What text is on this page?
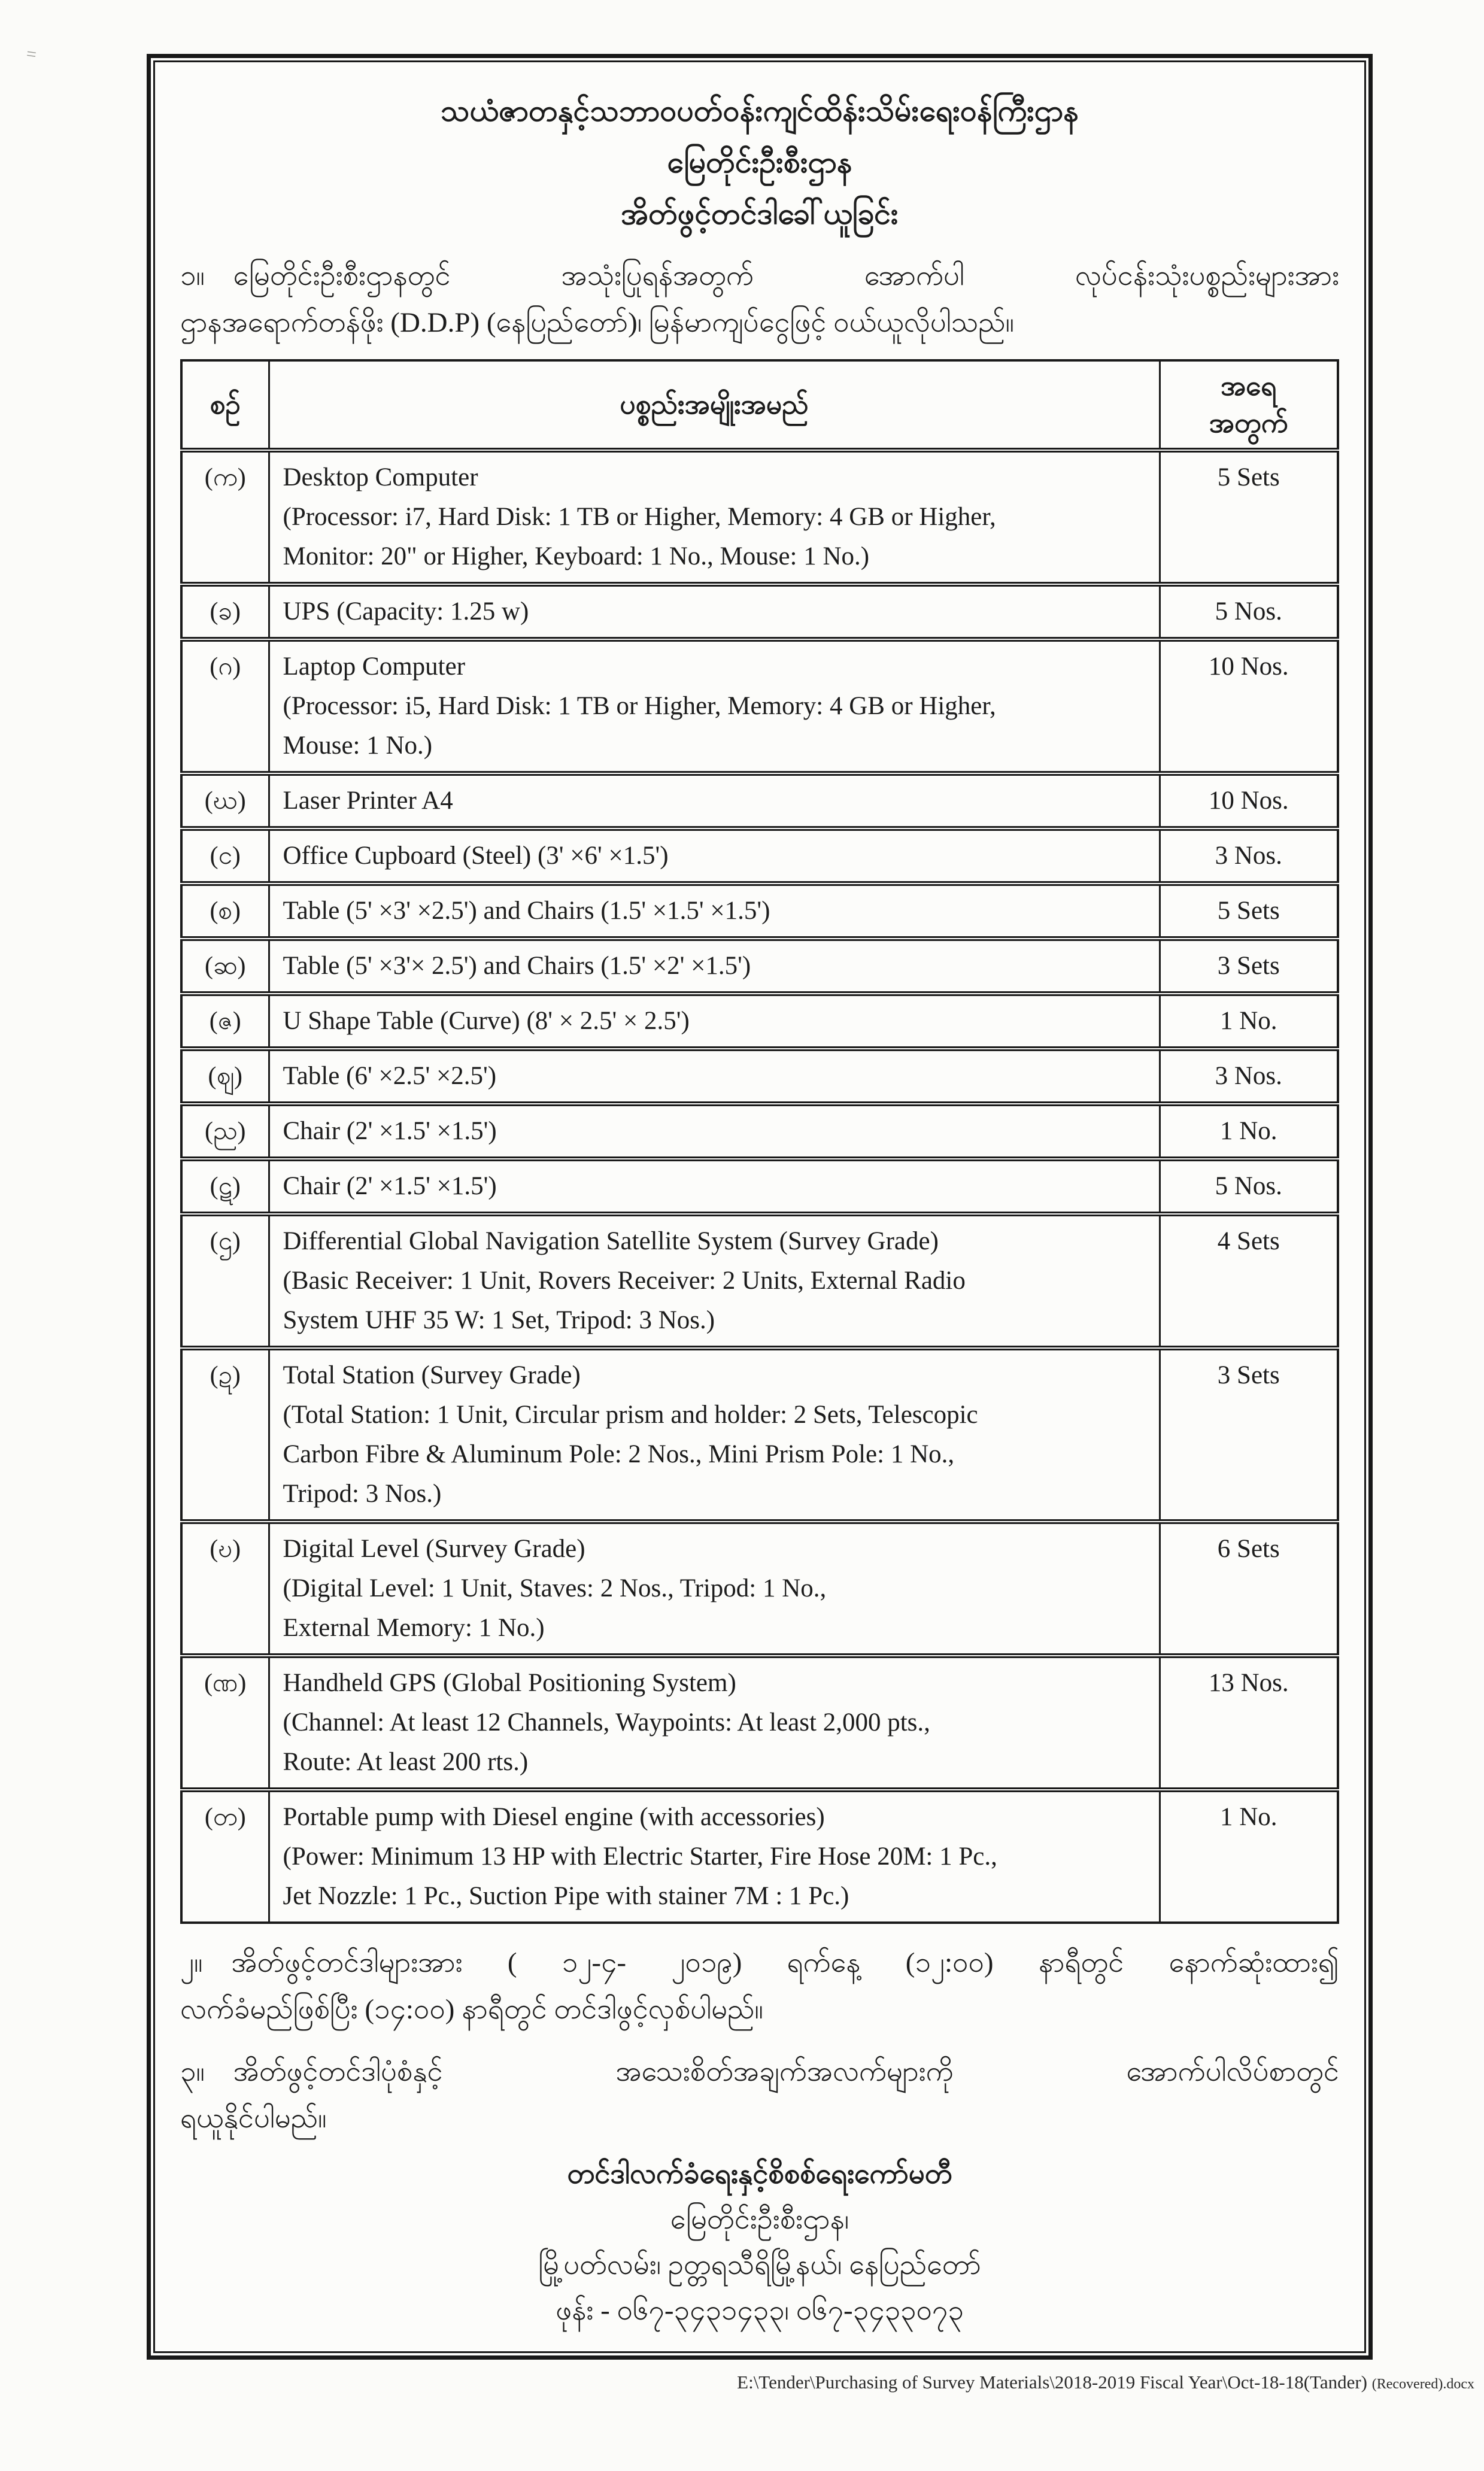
=
သယံဇာတနှင့်သဘာဝပတ်ဝန်းကျင်ထိန်းသိမ်းရေးဝန်ကြီးဌာန
မြေတိုင်းဦးစီးဌာန
အိတ်ဖွင့်တင်ဒါခေါ်ယူခြင်း
၁။ မြေတိုင်းဦးစီးဌာနတွင် အသုံးပြုရန်အတွက် အောက်ပါ လုပ်ငန်းသုံးပစ္စည်းများအား
ဌာနအရောက်တန်ဖိုး (D.D.P) (နေပြည်တော်)၊ မြန်မာကျပ်ငွေဖြင့် ဝယ်ယူလိုပါသည်။
စဉ်	ပစ္စည်းအမျိုးအမည်	အရေ
အတွက်

(က)	Desktop Computer
(Processor: i7, Hard Disk: 1 TB or Higher, Memory: 4 GB or Higher,
Monitor: 20" or Higher, Keyboard: 1 No., Mouse: 1 No.)	5 Sets
(ခ)	UPS (Capacity: 1.25 w)	5 Nos.
(ဂ)	Laptop Computer
(Processor: i5, Hard Disk: 1 TB or Higher, Memory: 4 GB or Higher,
Mouse: 1 No.)	10 Nos.
(ဃ)	Laser Printer A4	10 Nos.
(င)	Office Cupboard (Steel) (3' ×6' ×1.5')	3 Nos.
(စ)	Table (5' ×3' ×2.5') and Chairs (1.5' ×1.5' ×1.5')	5 Sets
(ဆ)	Table (5' ×3'× 2.5') and Chairs (1.5' ×2' ×1.5')	3 Sets
(ဇ)	U Shape Table (Curve) (8' × 2.5' × 2.5')	1 No.
(ဈ)	Table (6' ×2.5' ×2.5')	3 Nos.
(ည)	Chair (2' ×1.5' ×1.5')	1 No.
(ဋ)	Chair (2' ×1.5' ×1.5')	5 Nos.
(ဌ)	Differential Global Navigation Satellite System (Survey Grade)
(Basic Receiver: 1 Unit, Rovers Receiver: 2 Units, External Radio
System UHF 35 W: 1 Set, Tripod: 3 Nos.)	4 Sets
(ဍ)	Total Station (Survey Grade)
(Total Station: 1 Unit, Circular prism and holder: 2 Sets, Telescopic
Carbon Fibre & Aluminum Pole: 2 Nos., Mini Prism Pole: 1 No.,
Tripod: 3 Nos.)	3 Sets
(ဎ)	Digital Level (Survey Grade)
(Digital Level: 1 Unit, Staves: 2 Nos., Tripod: 1 No.,
External Memory: 1 No.)	6 Sets
(ဏ)	Handheld GPS (Global Positioning System)
(Channel: At least 12 Channels, Waypoints: At least 2,000 pts.,
Route: At least 200 rts.)	13 Nos.
(တ)	Portable pump with Diesel engine (with accessories)
(Power: Minimum 13 HP with Electric Starter, Fire Hose 20M: 1 Pc.,
Jet Nozzle: 1 Pc., Suction Pipe with stainer 7M : 1 Pc.)	1 No.
၂။ အိတ်ဖွင့်တင်ဒါများအား ( ၁၂-၄- ၂၀၁၉) ရက်နေ့ (၁၂:၀၀) နာရီတွင် နောက်ဆုံးထား၍
လက်ခံမည်ဖြစ်ပြီး (၁၄:၀၀) နာရီတွင် တင်ဒါဖွင့်လှစ်ပါမည်။
၃။ အိတ်ဖွင့်တင်ဒါပုံစံနှင့် အသေးစိတ်အချက်အလက်များကို အောက်ပါလိပ်စာတွင်
ရယူနိုင်ပါမည်။
တင်ဒါလက်ခံရေးနှင့်စိစစ်ရေးကော်မတီ
မြေတိုင်းဦးစီးဌာန၊
မြို့ပတ်လမ်း၊ ဥတ္တရသီရိမြို့နယ်၊ နေပြည်တော်
ဖုန်း - ၀၆၇-၃၄၃၁၄၃၃၊ ၀၆၇-၃၄၃၃၀၇၃
E:\Tender\Purchasing of Survey Materials\2018-2019 Fiscal Year\Oct-18-18(Tander) (Recovered).docx
